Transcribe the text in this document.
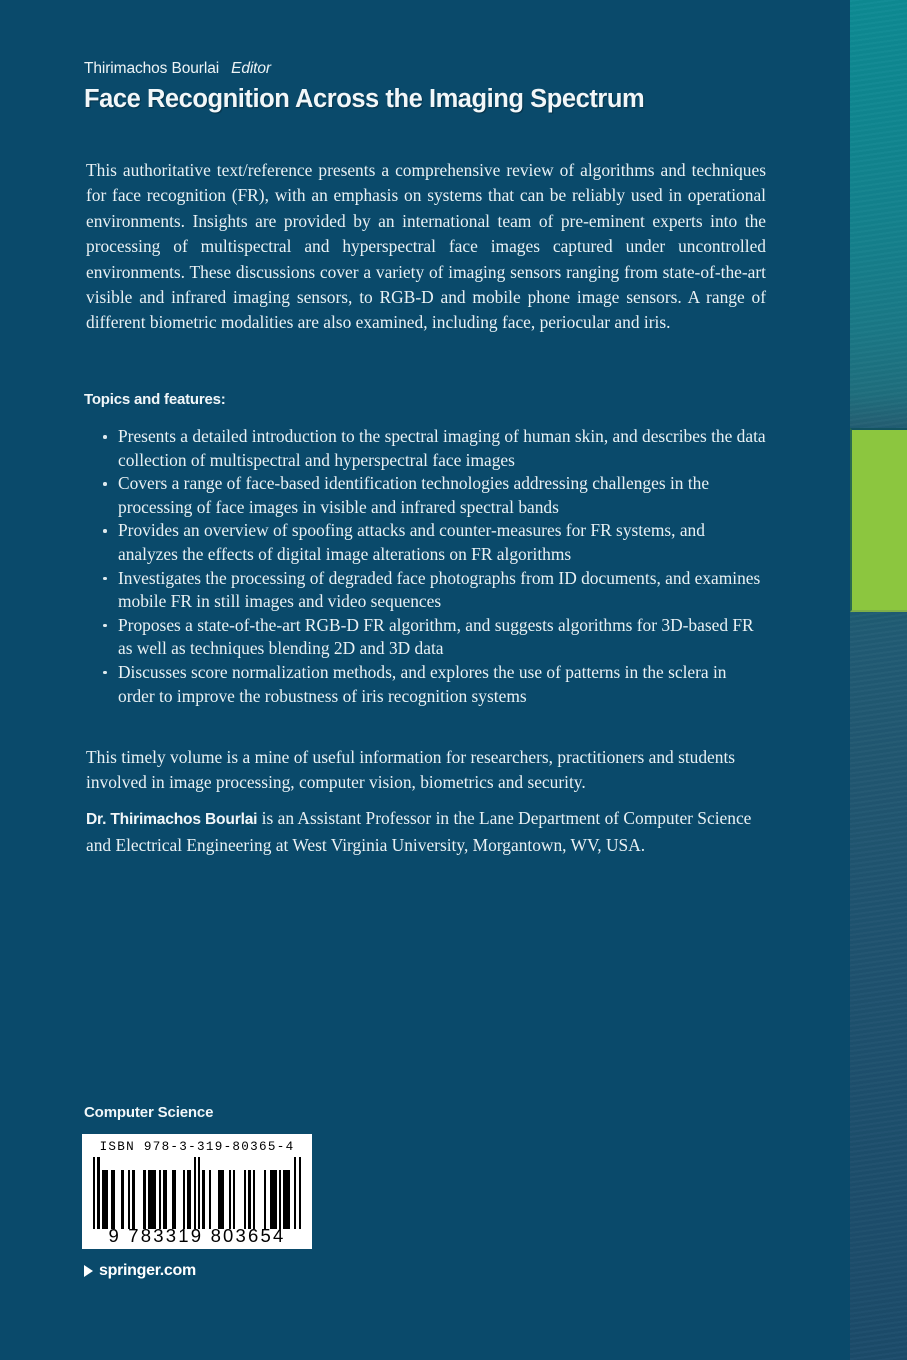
Thirimachos Bourlai Editor
Face Recognition Across the Imaging Spectrum
This authoritative text/reference presents a comprehensive review of algorithms and techniques for face recognition (FR), with an emphasis on systems that can be reliably used in operational environments. Insights are provided by an international team of pre-eminent experts into the processing of multispectral and hyperspectral face images captured under uncontrolled environments. These discussions cover a variety of imaging sensors ranging from state-of-the-art visible and infrared imaging sensors, to RGB-D and mobile phone image sensors. A range of different biometric modalities are also examined, including face, periocular and iris.
Topics and features:
Presents a detailed introduction to the spectral imaging of human skin, and describes the data collection of multispectral and hyperspectral face images
Covers a range of face-based identification technologies addressing challenges in the processing of face images in visible and infrared spectral bands
Provides an overview of spoofing attacks and counter-measures for FR systems, and analyzes the effects of digital image alterations on FR algorithms
Investigates the processing of degraded face photographs from ID documents, and examines mobile FR in still images and video sequences
Proposes a state-of-the-art RGB-D FR algorithm, and suggests algorithms for 3D-based FR as well as techniques blending 2D and 3D data
Discusses score normalization methods, and explores the use of patterns in the sclera in order to improve the robustness of iris recognition systems
This timely volume is a mine of useful information for researchers, practitioners and students involved in image processing, computer vision, biometrics and security.
Dr. Thirimachos Bourlai is an Assistant Professor in the Lane Department of Computer Science and Electrical Engineering at West Virginia University, Morgantown, WV, USA.
Computer Science
ISBN 978-3-319-80365-4
9 783319 803654
springer.com
